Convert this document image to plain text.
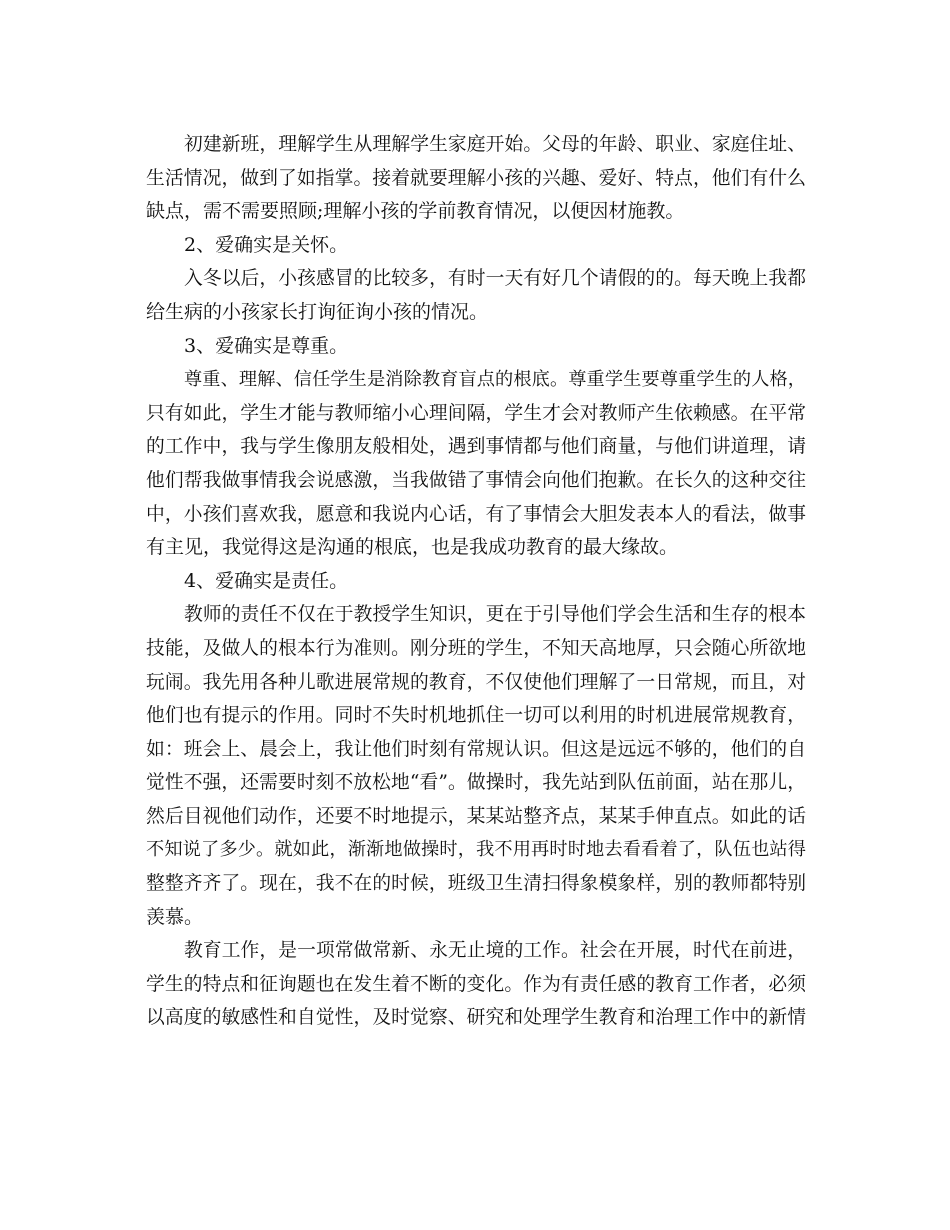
初建新班，理解学生从理解学生家庭开始。父母的年龄、职业、家庭住址、
生活情况，做到了如指掌。接着就要理解小孩的兴趣、爱好、特点，他们有什么
缺点，需不需要照顾;理解小孩的学前教育情况，以便因材施教。
2、爱确实是关怀。
入冬以后，小孩感冒的比较多，有时一天有好几个请假的的。每天晚上我都
给生病的小孩家长打询征询小孩的情况。
3、爱确实是尊重。
尊重、理解、信任学生是消除教育盲点的根底。尊重学生要尊重学生的人格，
只有如此，学生才能与教师缩小心理间隔，学生才会对教师产生依赖感。在平常
的工作中，我与学生像朋友般相处，遇到事情都与他们商量，与他们讲道理，请
他们帮我做事情我会说感激，当我做错了事情会向他们抱歉。在长久的这种交往
中，小孩们喜欢我，愿意和我说内心话，有了事情会大胆发表本人的看法，做事
有主见，我觉得这是沟通的根底，也是我成功教育的最大缘故。
4、爱确实是责任。
教师的责任不仅在于教授学生知识，更在于引导他们学会生活和生存的根本
技能，及做人的根本行为准则。刚分班的学生，不知天高地厚，只会随心所欲地
玩闹。我先用各种儿歌进展常规的教育，不仅使他们理解了一日常规，而且，对
他们也有提示的作用。同时不失时机地抓住一切可以利用的时机进展常规教育，
如：班会上、晨会上，我让他们时刻有常规认识。但这是远远不够的，他们的自
觉性不强，还需要时刻不放松地“看”。做操时，我先站到队伍前面，站在那儿，
然后目视他们动作，还要不时地提示，某某站整齐点，某某手伸直点。如此的话
不知说了多少。就如此，渐渐地做操时，我不用再时时地去看看着了，队伍也站得
整整齐齐了。现在，我不在的时候，班级卫生清扫得象模象样，别的教师都特别
羡慕。
教育工作，是一项常做常新、永无止境的工作。社会在开展，时代在前进，
学生的特点和征询题也在发生着不断的变化。作为有责任感的教育工作者，必须
以高度的敏感性和自觉性，及时觉察、研究和处理学生教育和治理工作中的新情
